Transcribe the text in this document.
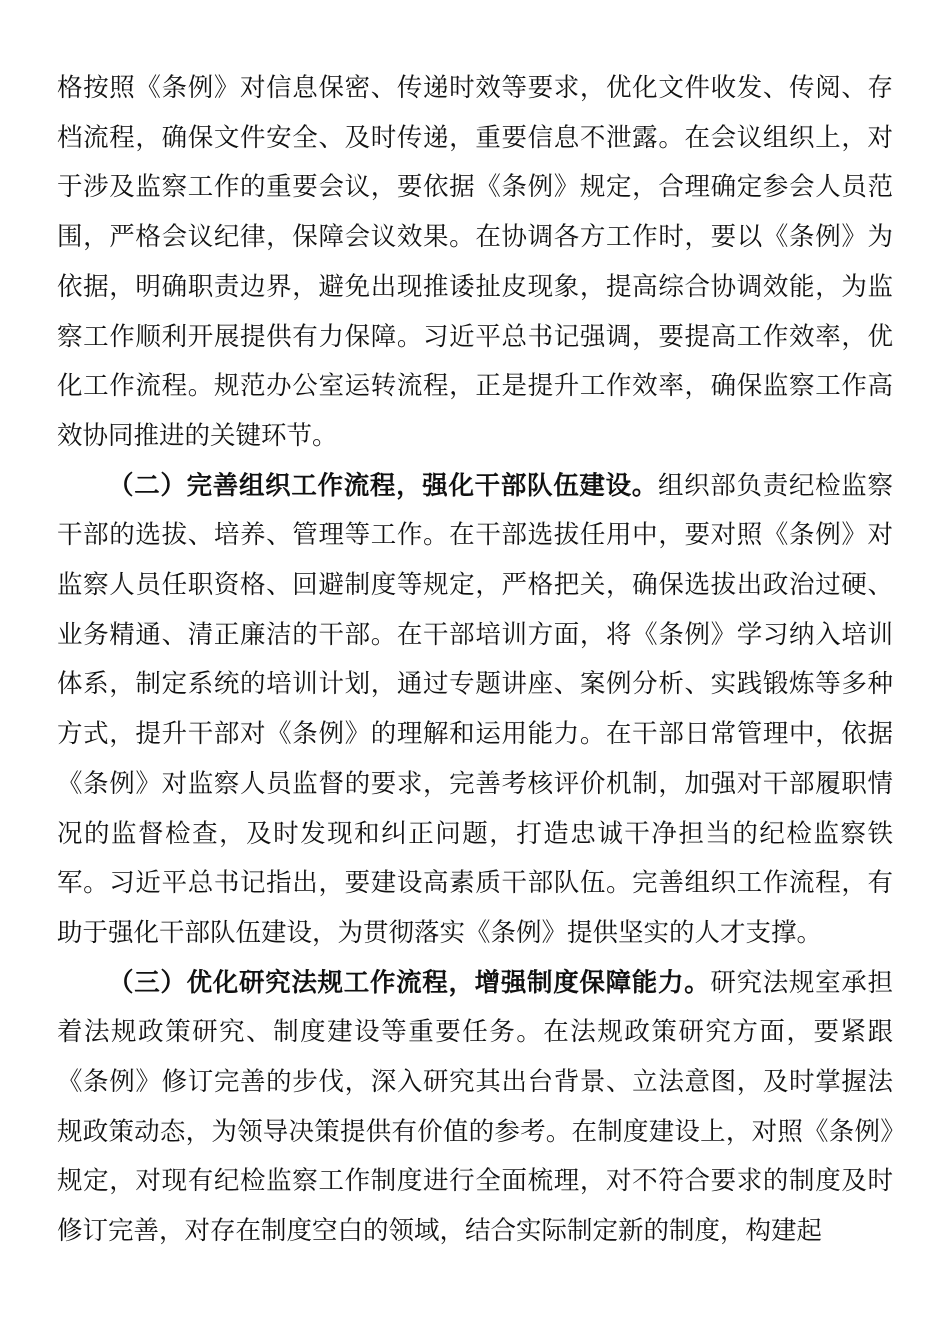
格按照《条例》对信息保密、传递时效等要求，优化文件收发、传阅、存档流程，确保文件安全、及时传递，重要信息不泄露。在会议组织上，对于涉及监察工作的重要会议，要依据《条例》规定，合理确定参会人员范围，严格会议纪律，保障会议效果。在协调各方工作时，要以《条例》为依据，明确职责边界，避免出现推诿扯皮现象，提高综合协调效能，为监察工作顺利开展提供有力保障。习近平总书记强调，要提高工作效率，优化工作流程。规范办公室运转流程，正是提升工作效率，确保监察工作高效协同推进的关键环节。

（二）完善组织工作流程，强化干部队伍建设。组织部负责纪检监察干部的选拔、培养、管理等工作。在干部选拔任用中，要对照《条例》对监察人员任职资格、回避制度等规定，严格把关，确保选拔出政治过硬、业务精通、清正廉洁的干部。在干部培训方面，将《条例》学习纳入培训体系，制定系统的培训计划，通过专题讲座、案例分析、实践锻炼等多种方式，提升干部对《条例》的理解和运用能力。在干部日常管理中，依据《条例》对监察人员监督的要求，完善考核评价机制，加强对干部履职情况的监督检查，及时发现和纠正问题，打造忠诚干净担当的纪检监察铁军。习近平总书记指出，要建设高素质干部队伍。完善组织工作流程，有助于强化干部队伍建设，为贯彻落实《条例》提供坚实的人才支撑。

（三）优化研究法规工作流程，增强制度保障能力。研究法规室承担着法规政策研究、制度建设等重要任务。在法规政策研究方面，要紧跟《条例》修订完善的步伐，深入研究其出台背景、立法意图，及时掌握法规政策动态，为领导决策提供有价值的参考。在制度建设上，对照《条例》规定，对现有纪检监察工作制度进行全面梳理，对不符合要求的制度及时修订完善，对存在制度空白的领域，结合实际制定新的制度，构建起
